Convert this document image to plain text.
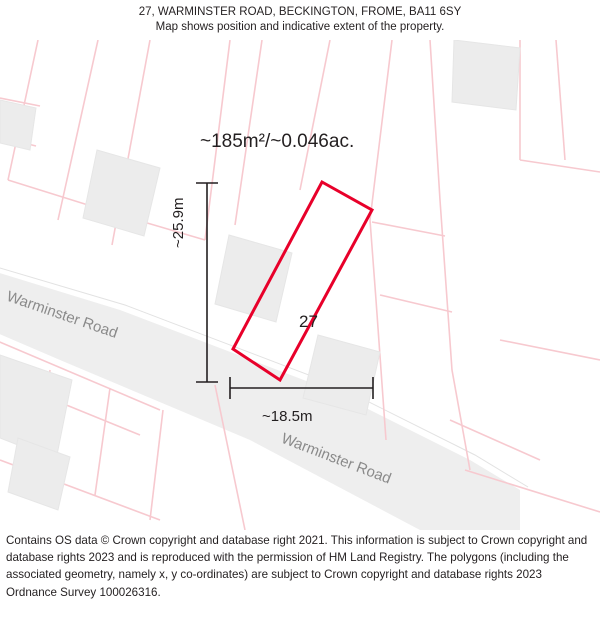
27, WARMINSTER ROAD, BECKINGTON, FROME, BA11 6SY
Map shows position and indicative extent of the property.
~185m²/~0.046ac.
27
~18.5m
~25.9m
Warminster Road
Warminster Road
Contains OS data © Crown copyright and database right 2021. This information is subject to Crown copyright and database rights 2023 and is reproduced with the permission of HM Land Registry. The polygons (including the associated geometry, namely x, y co-ordinates) are subject to Crown copyright and database rights 2023 Ordnance Survey 100026316.
